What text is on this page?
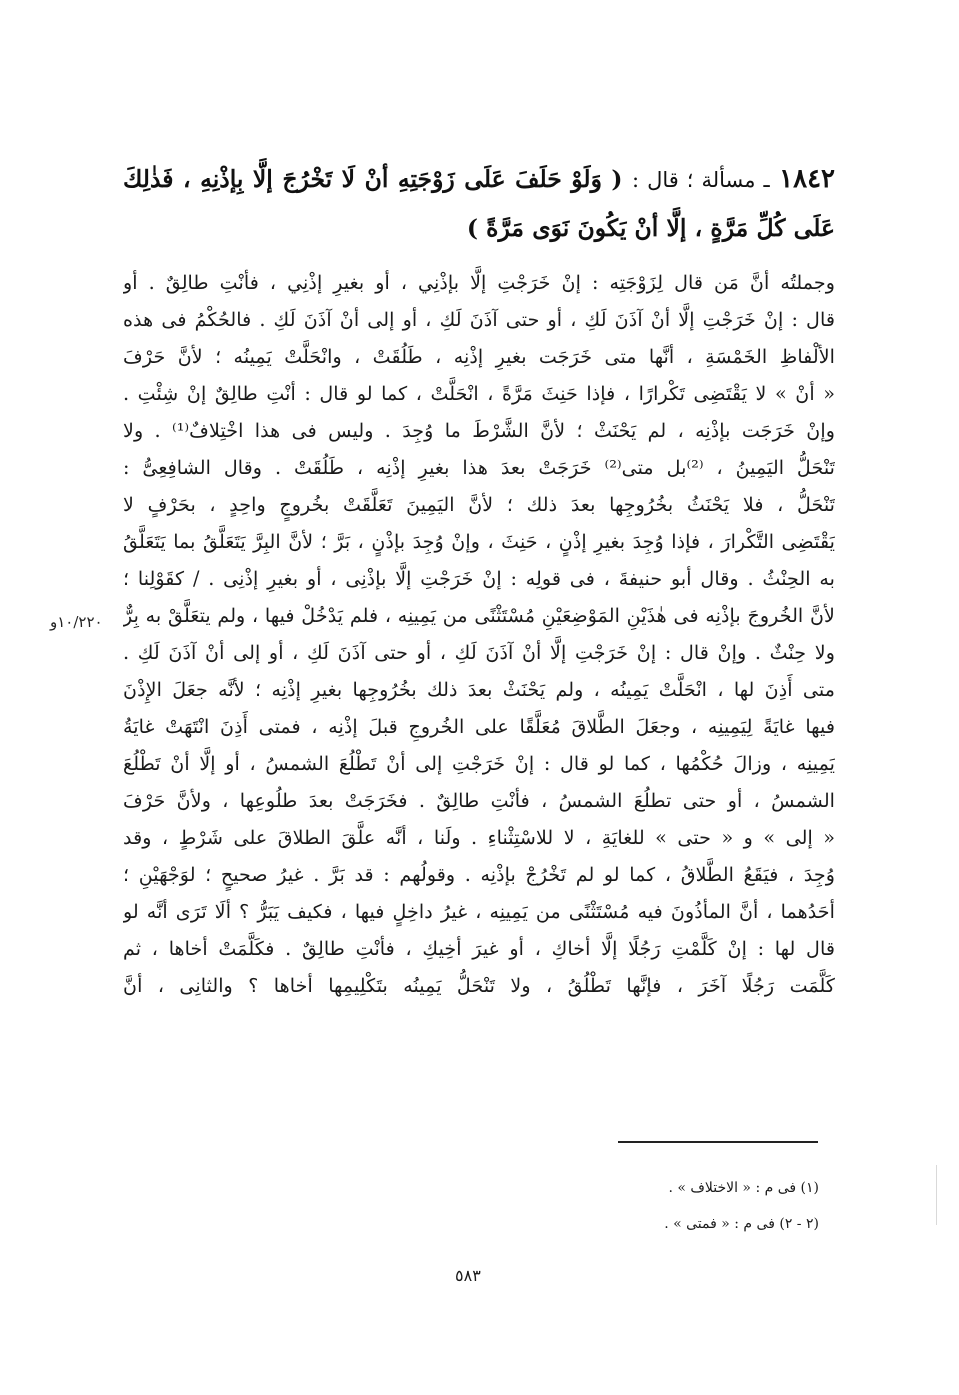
١٨٤٢ ـ مسألة ؛ قال : ( وَلَوْ حَلَفَ عَلَى زَوْجَتِهِ أنْ لَا تَخْرُجَ إلَّا بِإذْنِهِ ، فَذٰلِكَ
عَلَى كُلِّ مَرَّةٍ ، إلَّا أنْ يَكُونَ نَوَى مَرَّةً )
وجملتُه أنَّ مَن قال لِزَوْجَتِه : إنْ خَرَجْتِ إلَّا بإذْنِي ، أو بغيرِ إذْنِي ، فأنْتِ طالِقٌ . أو
قال : إنْ خَرَجْتِ إلَّا أنْ آذَنَ لَكِ ، أو حتى آذَنَ لَكِ ، أو إلى أنْ آذَنَ لَكِ . فالحُكْمُ فى هذه
الألْفاظِ الخَمْسَةِ ، أنَّها متى خَرَجَت بغيرِ إذْنِه ، طَلُقَتْ ، وانْحَلَّتْ يَمِينُه ؛ لأنَّ حَرْفَ
« أنْ » لا يَقْتَضِى تَكْرارًا ، فإذا حَنِثَ مَرَّةً ، انْحَلَّتْ ، كما لو قال : أنْتِ طالِقٌ إنْ شِئْتِ .
وإنْ خَرَجَت بإذْنِه ، لم يَحْنَثْ ؛ لأنَّ الشَّرْطَ ما وُجِدَ . وليس فى هذا اخْتِلافٌ⁽¹⁾ . ولا
تَنْحَلُّ اليَمِينُ ، ⁽²⁾بل متى⁽²⁾ خَرَجَتْ بعدَ هذا بغيرِ إذْنِه ، طَلُقَتْ . وقال الشافِعِىُّ :
تَنْحَلُّ ، فلا يَحْنَثُ بخُرُوجِها بعدَ ذلك ؛ لأنَّ اليَمِينَ تَعَلَّقَتْ بخُروجٍ واحِدٍ ، بحَرْفٍ لا
يَقْتَضِى التَّكْرارَ ، فإذا وُجِدَ بغيرِ إذْنٍ ، حَنِثَ ، وإنْ وُجِدَ بإذْنٍ ، بَرَّ ؛ لأنَّ البِرَّ يَتَعَلَّقُ بما يَتَعَلَّقُ
به الحِنْثُ . وقال أبو حنيفةَ ، فى قولِه : إنْ خَرَجْتِ إلَّا بإذْنِى ، أو بغيرِ إذْنِى . / كقَوْلِنا ؛
لأنَّ الخُروجَ بإذْنِه فى هٰذَيْنِ المَوْضِعَيْنِ مُسْتَثْنًى من يَمِينِه ، فلم يَدْخُلْ فيها ، ولم يتعَلَّقْ به بِرٌّ
ولا حِنْثٌ . وإنْ قال : إنْ خَرَجْتِ إلَّا أنْ آذَنَ لَكِ ، أو حتى آذَنَ لَكِ ، أو إلى أنْ آذَنَ لَكِ .
متى أَذِنَ لها ، انْحَلَّتْ يَمِينُه ، ولم يَحْنَثْ بعدَ ذلك بخُرُوجِها بغيرِ إذْنِه ؛ لأنَّه جعَلَ الإِذْنَ
فيها غايَةً لِيَمِينِه ، وجعَلَ الطَّلاقَ مُعَلَّقًا على الخُروجِ قبلَ إذْنِه ، فمتى أَذِنَ انْتَهَتْ غايَةُ
يَمِينِه ، وزالَ حُكْمُها ، كما لو قال : إنْ خَرَجْتِ إلى أنْ تَطْلُعَ الشمسُ ، أو إلَّا أنْ تَطْلُعَ
الشمسُ ، أو حتى تطلُعَ الشمسُ ، فأنْتِ طالِقٌ . فخَرَجَتْ بعدَ طلُوعِها ، ولأنَّ حَرْفَ
« إلى » و « حتى » للغايَةِ ، لا للاسْتِثْناءِ . ولَنا ، أنَّه علَّقَ الطلاقَ على شَرْطٍ ، وقد
وُجِدَ ، فيَقَعُ الطَّلاقُ ، كما لو لم تَخْرُجْ بإذْنِه . وقولُهم : قد بَرَّ . غيرُ صحيحٍ ؛ لوَجْهَيْنِ ؛
أحَدُهما ، أنَّ المأذُونَ فيه مُسْتَثْنًى من يَمِينِه ، غيرُ داخِلٍ فيها ، فكيف يَبَرُّ ؟ ألَا تَرَى أنَّه لو
قال لها : إنْ كَلَّمْتِ رَجُلًا إلَّا أخاكِ ، أو غيرَ أخِيكِ ، فأنْتِ طالِقٌ . فكَلَّمَتْ أخاها ، ثم
كَلَّمَت رَجُلًا آخَرَ ، فإنَّها تَطْلُقُ ، ولا تَنْحَلُّ يَمِينُه بتَكْلِيمِها أخاها ؟ والثانِى ، أنَّ
١٠/٢٢٠و
(١) فى م : « الاختلاف » .
(٢ - ٢) فى م : « فمتى » .
٥٨٣
